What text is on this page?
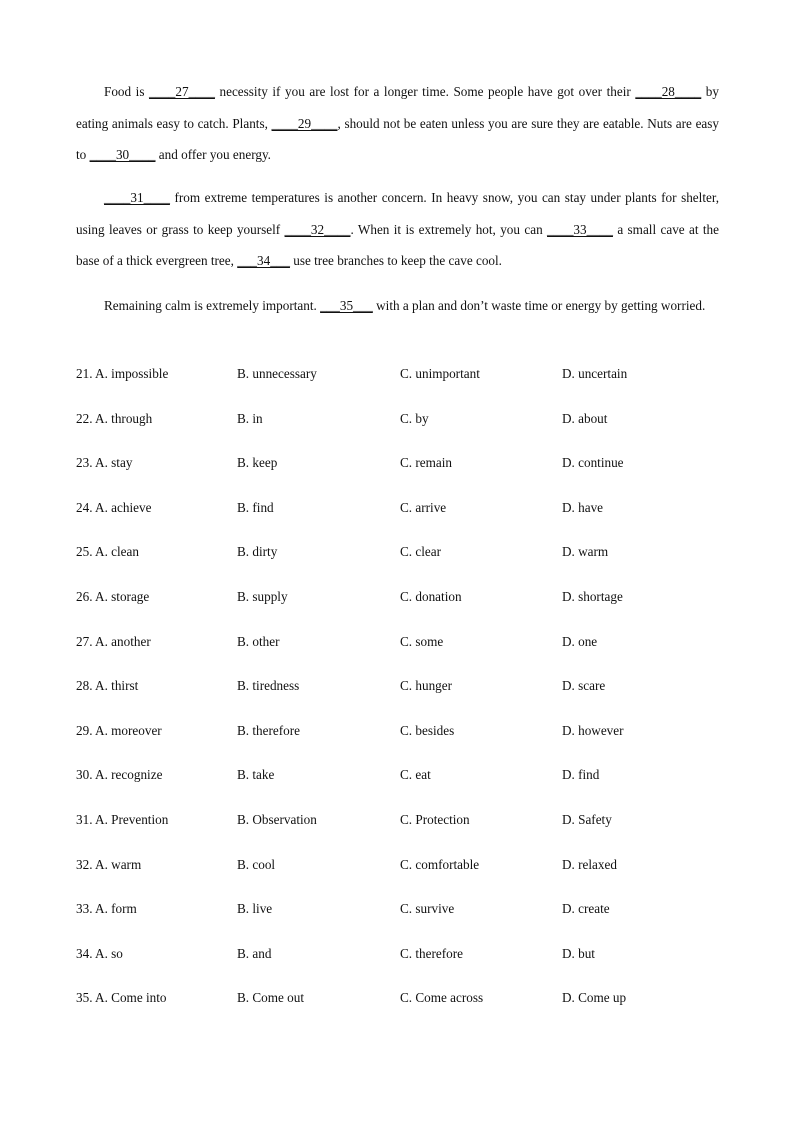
Food is ____27____ necessity if you are lost for a longer time. Some people have got over their ____28____ by eating animals easy to catch. Plants, ____29____, should not be eaten unless you are sure they are eatable. Nuts are easy to ____30____ and offer you energy.

____31____ from extreme temperatures is another concern. In heavy snow, you can stay under plants for shelter, using leaves or grass to keep yourself ____32____. When it is extremely hot, you can ____33____ a small cave at the base of a thick evergreen tree, ___34___ use tree branches to keep the cave cool.

Remaining calm is extremely important. ___35___ with a plan and don’t waste time or energy by getting worried.

21. A. impossible	B. unnecessary	C. unimportant	D. uncertain
22. A. through	B. in	C. by	D. about
23. A. stay	B. keep	C. remain	D. continue
24. A. achieve	B. find	C. arrive	D. have
25. A. clean	B. dirty	C. clear	D. warm
26. A. storage	B. supply	C. donation	D. shortage
27. A. another	B. other	C. some	D. one
28. A. thirst	B. tiredness	C. hunger	D. scare
29. A. moreover	B. therefore	C. besides	D. however
30. A. recognize	B. take	C. eat	D. find
31. A. Prevention	B. Observation	C. Protection	D. Safety
32. A. warm	B. cool	C. comfortable	D. relaxed
33. A. form	B. live	C. survive	D. create
34. A. so	B. and	C. therefore	D. but
35. A. Come into	B. Come out	C. Come across	D. Come up
